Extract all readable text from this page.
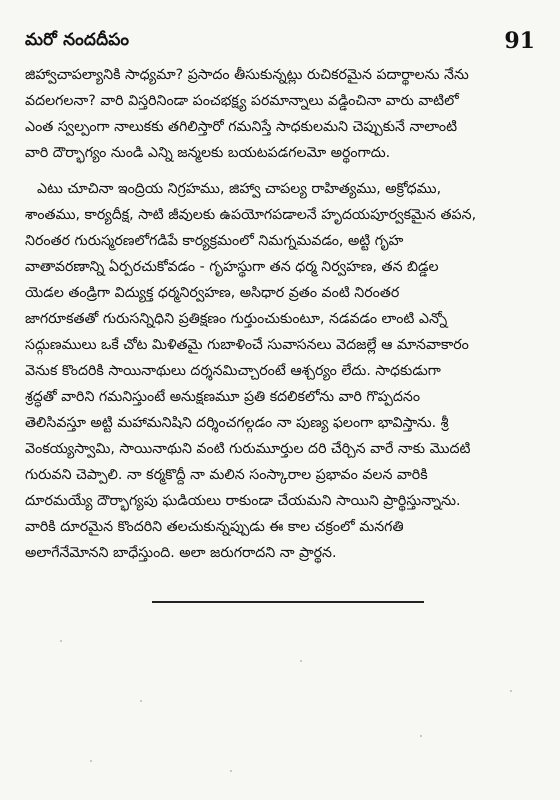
మరో నందదీపం	91
జిహ్వాచాపల్యానికి సాధ్యమా? ప్రసాదం తీసుకున్నట్లు రుచికరమైన పదార్థాలను నేను
వదలగలనా? వారి విస్తరినిండా పంచభక్ష్య పరమాన్నాలు వడ్డించినా వారు వాటిలో
ఎంత స్వల్పంగా నాలుకకు తగిలిస్తారో గమనిస్తే సాధకులమని చెప్పుకునే నాలాంటి
వారి దౌర్భాగ్యం నుండి ఎన్ని జన్మలకు బయటపడగలమో అర్థంగాదు.
ఎటు చూచినా ఇంద్రియ నిగ్రహము, జిహ్వా చాపల్య రాహిత్యము, అక్రోధము,
శాంతము, కార్యదీక్ష, సాటి జీవులకు ఉపయోగపడాలనే హృదయపూర్వకమైన తపన,
నిరంతర గురుస్మరణలోగడిపే కార్యక్రమంలో నిమగ్నమవడం, అట్టి గృహ
వాతావరణాన్ని ఏర్పరచుకోవడం - గృహస్థుగా తన ధర్మ నిర్వహణ, తన బిడ్డల
యెడల తండ్రిగా విద్యుక్త ధర్మనిర్వహణ, అసిధార వ్రతం వంటి నిరంతర
జాగరూకతతో గురుసన్నిధిని ప్రతిక్షణం గుర్తుంచుకుంటూ, నడవడం లాంటి ఎన్నో
సద్గుణములు ఒకే చోట మిళితమై గుబాళించే సువాసనలు వెదజల్లే ఆ మానవాకారం
వెనుక కొందరికి సాయినాథులు దర్శనమిచ్చారంటే ఆశ్చర్యం లేదు. సాధకుడుగా
శ్రద్ధతో వారిని గమనిస్తుంటే అనుక్షణమూ ప్రతి కదలికలోను వారి గొప్పదనం
తెలిసివస్తూ అట్టి మహామనిషిని దర్శించగల్గడం నా పుణ్య ఫలంగా భావిస్తాను. శ్రీ
వెంకయ్యస్వామి, సాయినాథుని వంటి గురుమూర్తుల దరి చేర్చిన వారే నాకు మొదటి
గురువని చెప్పాలి. నా కర్మకొద్దీ నా మలిన సంస్కారాల ప్రభావం వలన వారికి
దూరమయ్యే దౌర్భాగ్యపు ఘడియలు రాకుండా చేయమని సాయిని ప్రార్థిస్తున్నాను.
వారికి దూరమైన కొందరిని తలచుకున్నప్పుడు ఈ కాల చక్రంలో మనగతి
అలాగేనేమోనని బాధేస్తుంది. అలా జరుగరాదని నా ప్రార్థన.
